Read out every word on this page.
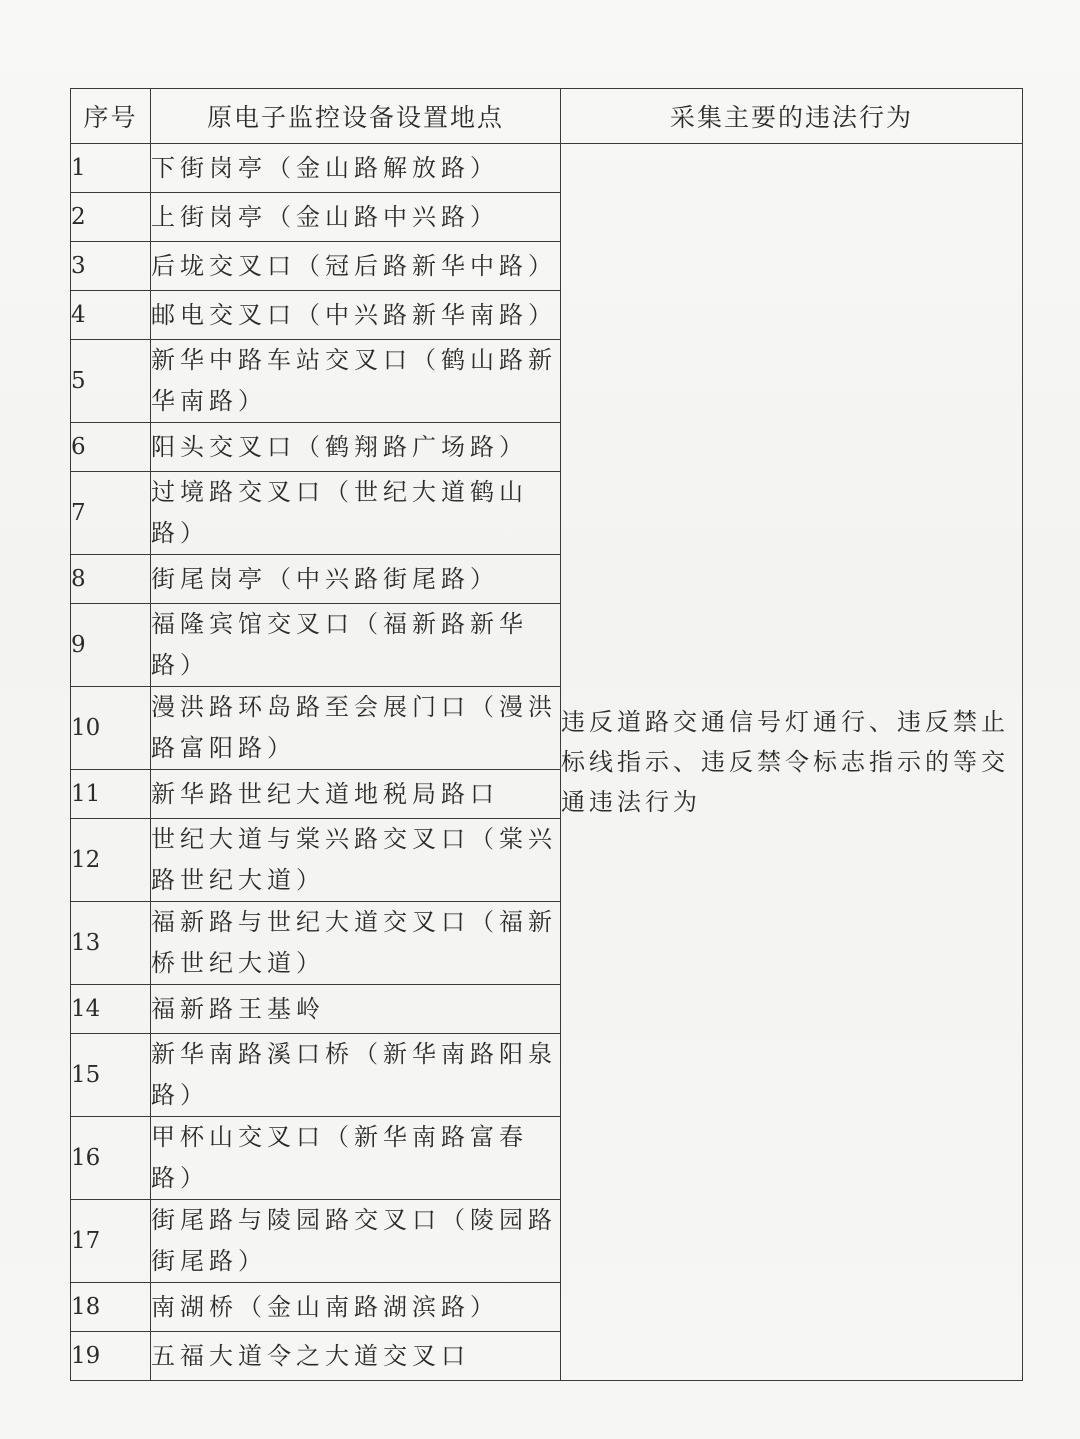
序号	原电子监控设备设置地点	采集主要的违法行为
1	下街岗亭（金山路解放路）	违反道路交通信号灯通行、违反禁止标线指示、违反禁令标志指示的等交通违法行为
2	上街岗亭（金山路中兴路）	
3	后垅交叉口（冠后路新华中路）	
4	邮电交叉口（中兴路新华南路）	
5	新华中路车站交叉口（鹤山路新华南路）	
6	阳头交叉口（鹤翔路广场路）	
7	过境路交叉口（世纪大道鹤山路）	
8	街尾岗亭（中兴路街尾路）	
9	福隆宾馆交叉口（福新路新华路）	
10	漫洪路环岛路至会展门口（漫洪路富阳路）	
11	新华路世纪大道地税局路口	
12	世纪大道与棠兴路交叉口（棠兴路世纪大道）	
13	福新路与世纪大道交叉口（福新桥世纪大道）	
14	福新路王基岭	
15	新华南路溪口桥（新华南路阳泉路）	
16	甲杯山交叉口（新华南路富春路）	
17	街尾路与陵园路交叉口（陵园路街尾路）	
18	南湖桥（金山南路湖滨路）	
19	五福大道令之大道交叉口	
